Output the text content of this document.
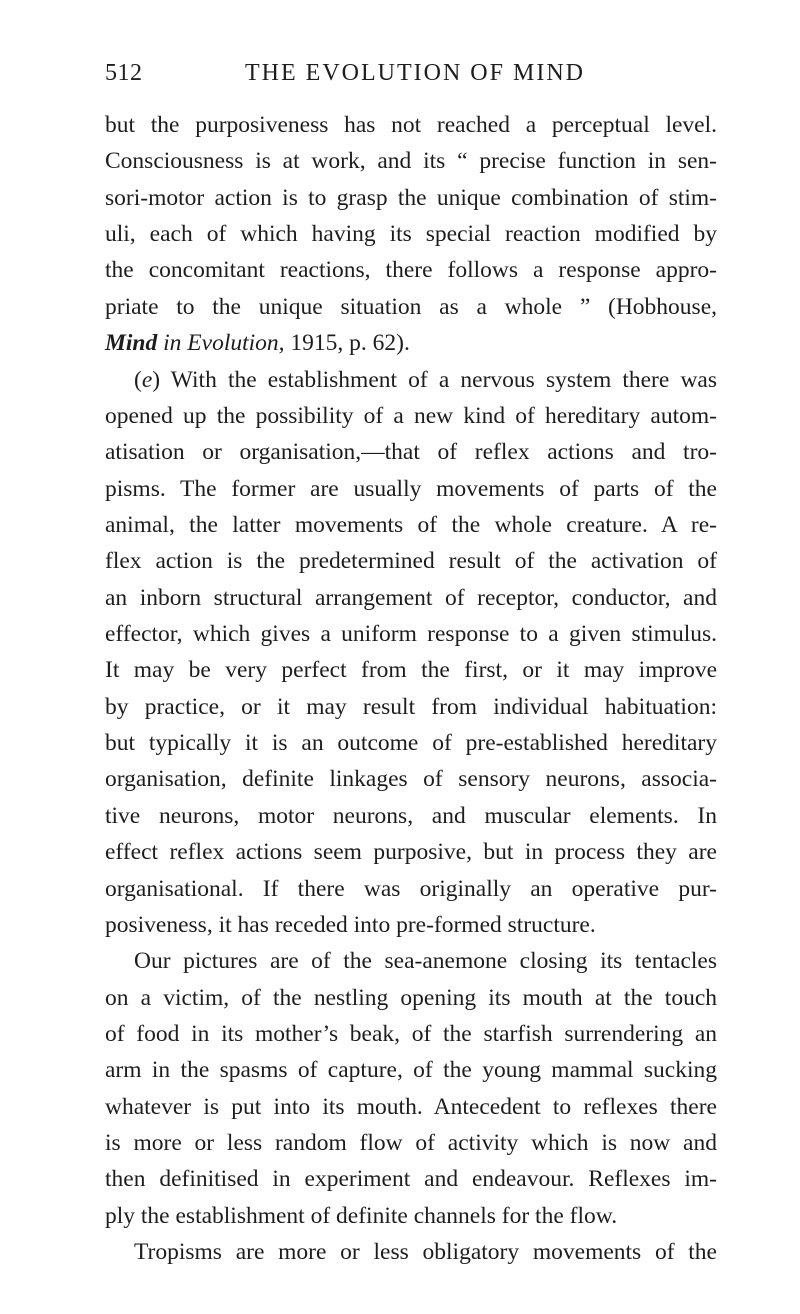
512	THE EVOLUTION OF MIND
but the purposiveness has not reached a perceptual level.
Consciousness is at work, and its “ precise function in sen-
sori-motor action is to grasp the unique combination of stim-
uli, each of which having its special reaction modified by
the concomitant reactions, there follows a response appro-
priate to the unique situation as a whole ” (Hobhouse,
Mind in Evolution, 1915, p. 62).
(e) With the establishment of a nervous system there was
opened up the possibility of a new kind of hereditary autom-
atisation or organisation,—that of reflex actions and tro-
pisms. The former are usually movements of parts of the
animal, the latter movements of the whole creature. A re-
flex action is the predetermined result of the activation of
an inborn structural arrangement of receptor, conductor, and
effector, which gives a uniform response to a given stimulus.
It may be very perfect from the first, or it may improve
by practice, or it may result from individual habituation:
but typically it is an outcome of pre-established hereditary
organisation, definite linkages of sensory neurons, associa-
tive neurons, motor neurons, and muscular elements. In
effect reflex actions seem purposive, but in process they are
organisational. If there was originally an operative pur-
posiveness, it has receded into pre-formed structure.
Our pictures are of the sea-anemone closing its tentacles
on a victim, of the nestling opening its mouth at the touch
of food in its mother’s beak, of the starfish surrendering an
arm in the spasms of capture, of the young mammal sucking
whatever is put into its mouth. Antecedent to reflexes there
is more or less random flow of activity which is now and
then definitised in experiment and endeavour. Reflexes im-
ply the establishment of definite channels for the flow.
Tropisms are more or less obligatory movements of the
